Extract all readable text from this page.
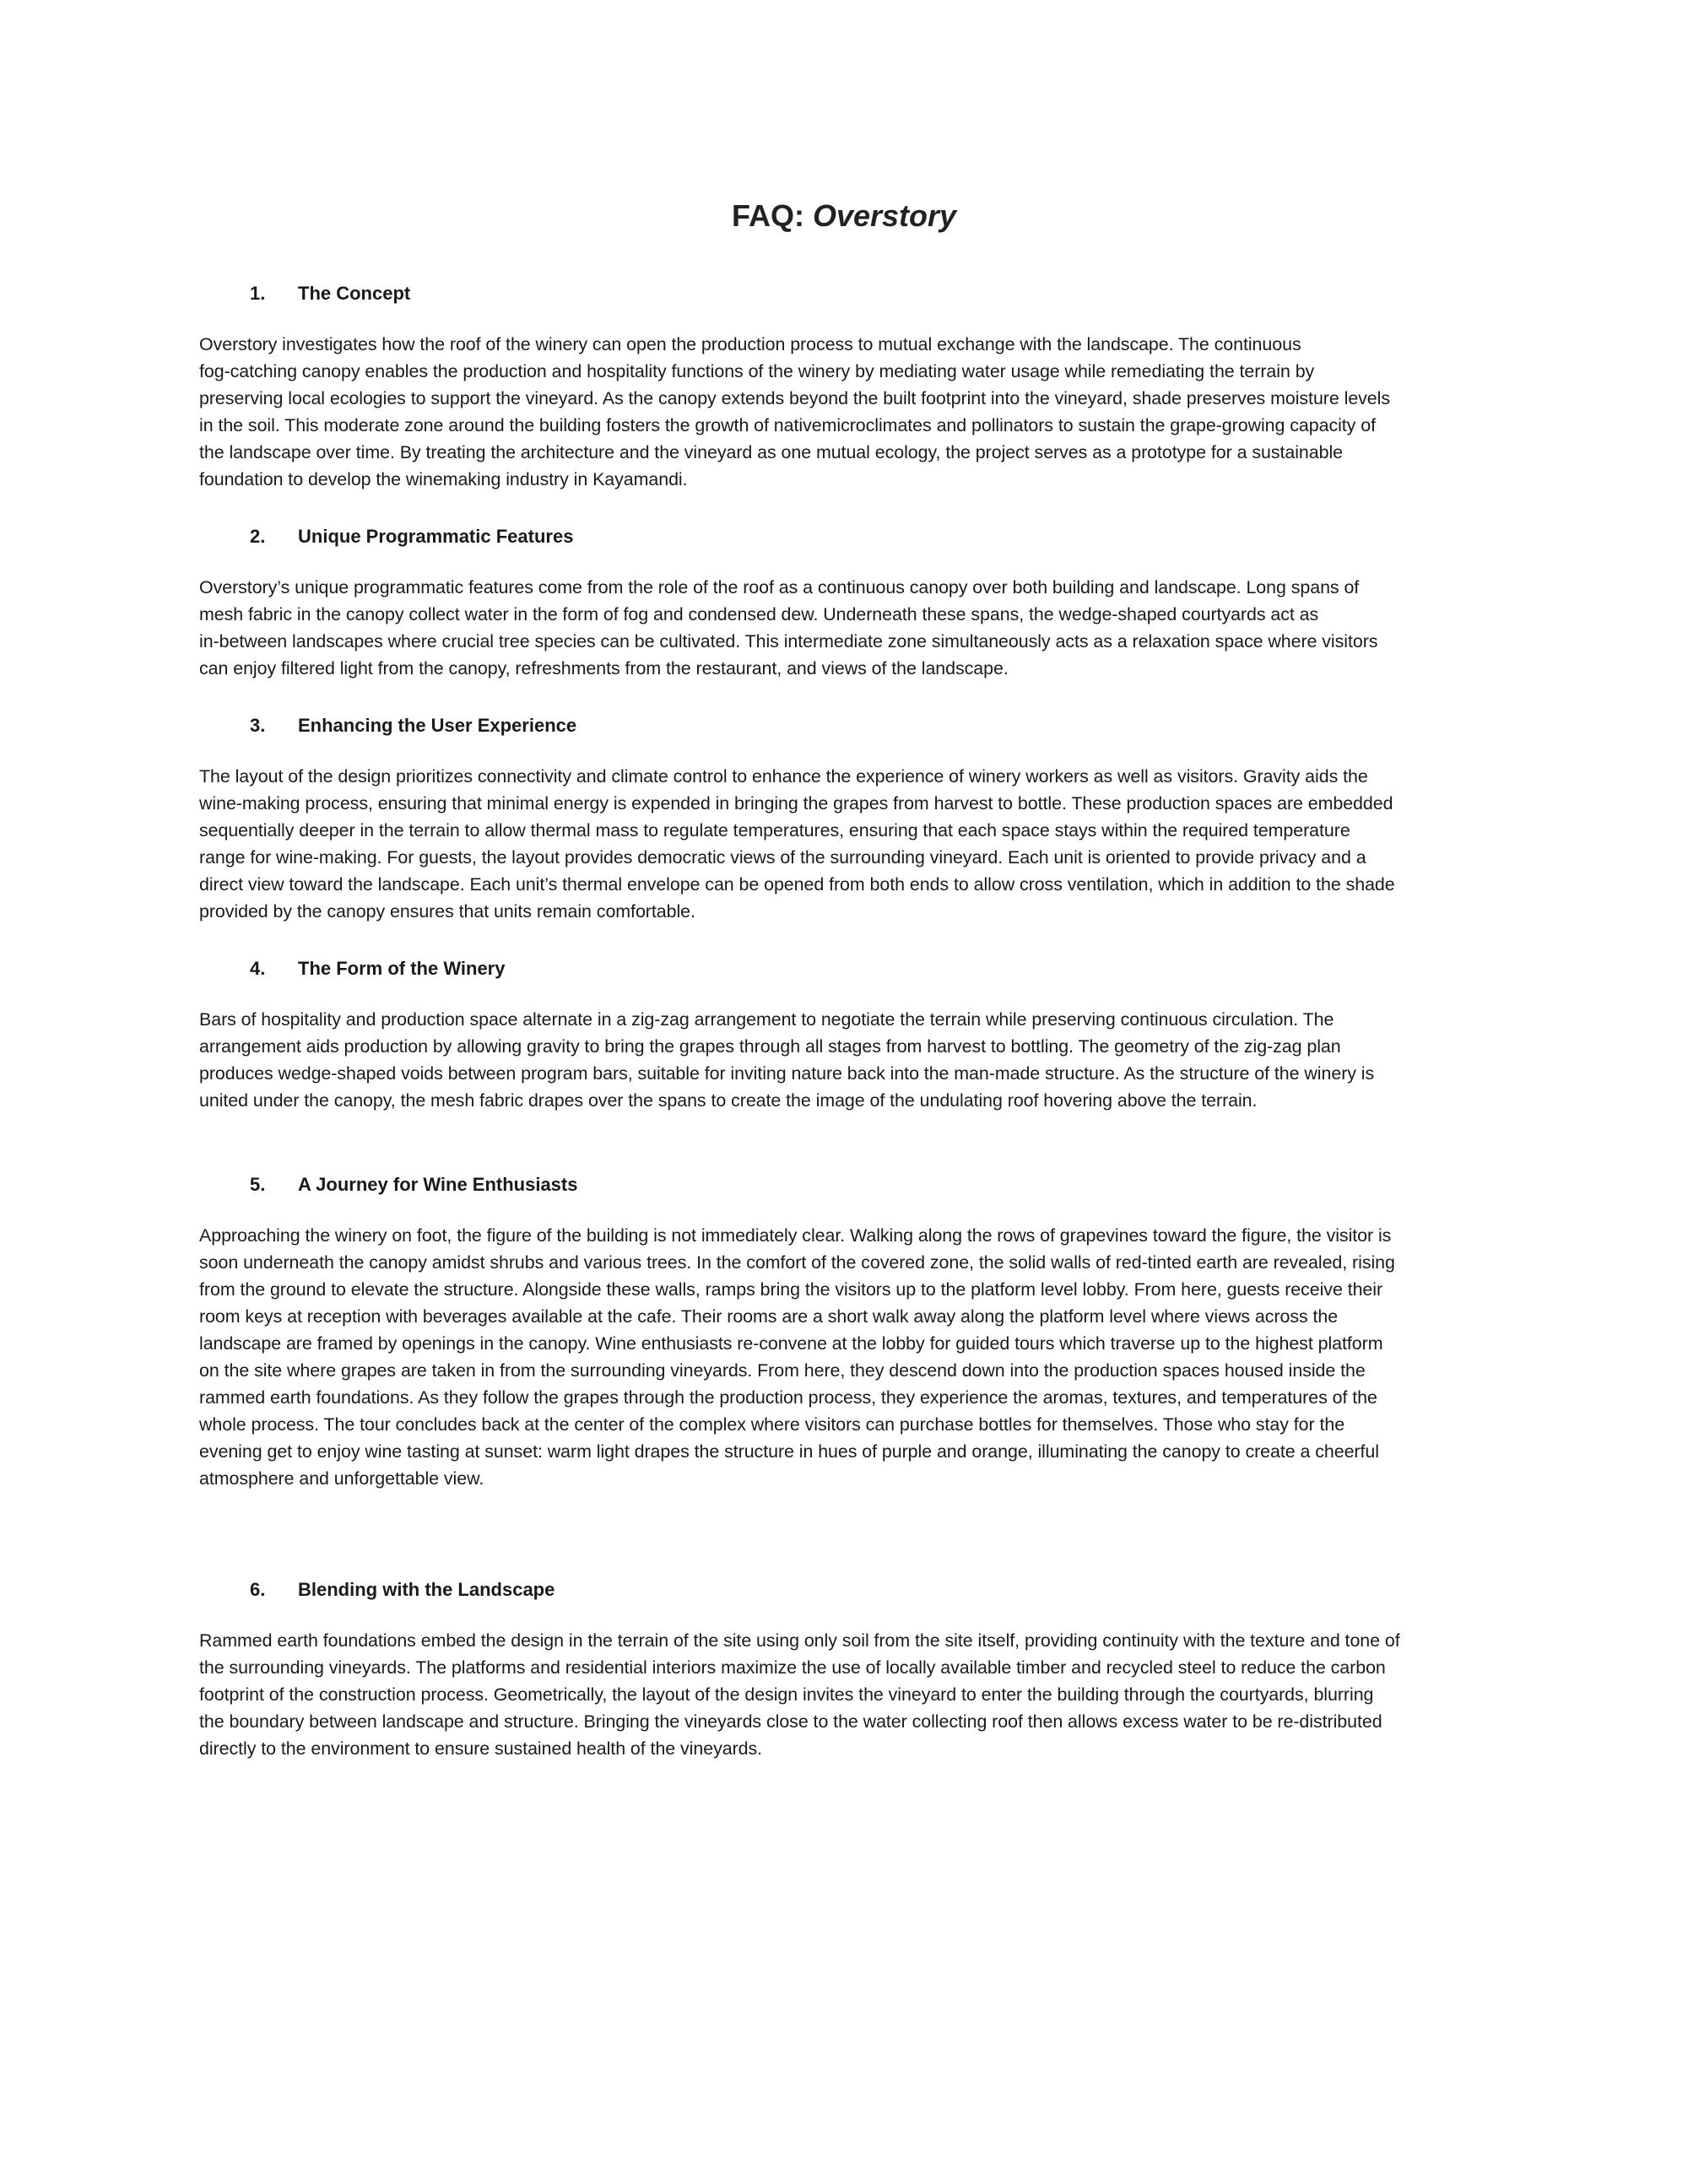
FAQ: Overstory
1. The Concept
Overstory investigates how the roof of the winery can open the production process to mutual exchange with the landscape. The continuous
fog-catching canopy enables the production and hospitality functions of the winery by mediating water usage while remediating the terrain by
preserving local ecologies to support the vineyard. As the canopy extends beyond the built footprint into the vineyard, shade preserves moisture levels
in the soil. This moderate zone around the building fosters the growth of nativemicroclimates and pollinators to sustain the grape-growing capacity of
the landscape over time. By treating the architecture and the vineyard as one mutual ecology, the project serves as a prototype for a sustainable
foundation to develop the winemaking industry in Kayamandi.
2. Unique Programmatic Features
Overstory’s unique programmatic features come from the role of the roof as a continuous canopy over both building and landscape. Long spans of
mesh fabric in the canopy collect water in the form of fog and condensed dew. Underneath these spans, the wedge-shaped courtyards act as
in-between landscapes where crucial tree species can be cultivated. This intermediate zone simultaneously acts as a relaxation space where visitors
can enjoy filtered light from the canopy, refreshments from the restaurant, and views of the landscape.
3. Enhancing the User Experience
The layout of the design prioritizes connectivity and climate control to enhance the experience of winery workers as well as visitors. Gravity aids the
wine-making process, ensuring that minimal energy is expended in bringing the grapes from harvest to bottle. These production spaces are embedded
sequentially deeper in the terrain to allow thermal mass to regulate temperatures, ensuring that each space stays within the required temperature
range for wine-making. For guests, the layout provides democratic views of the surrounding vineyard. Each unit is oriented to provide privacy and a
direct view toward the landscape. Each unit’s thermal envelope can be opened from both ends to allow cross ventilation, which in addition to the shade
provided by the canopy ensures that units remain comfortable.
4. The Form of the Winery
Bars of hospitality and production space alternate in a zig-zag arrangement to negotiate the terrain while preserving continuous circulation. The
arrangement aids production by allowing gravity to bring the grapes through all stages from harvest to bottling. The geometry of the zig-zag plan
produces wedge-shaped voids between program bars, suitable for inviting nature back into the man-made structure. As the structure of the winery is
united under the canopy, the mesh fabric drapes over the spans to create the image of the undulating roof hovering above the terrain.
5. A Journey for Wine Enthusiasts
Approaching the winery on foot, the figure of the building is not immediately clear. Walking along the rows of grapevines toward the figure, the visitor is
soon underneath the canopy amidst shrubs and various trees. In the comfort of the covered zone, the solid walls of red-tinted earth are revealed, rising
from the ground to elevate the structure. Alongside these walls, ramps bring the visitors up to the platform level lobby. From here, guests receive their
room keys at reception with beverages available at the cafe. Their rooms are a short walk away along the platform level where views across the
landscape are framed by openings in the canopy. Wine enthusiasts re-convene at the lobby for guided tours which traverse up to the highest platform
on the site where grapes are taken in from the surrounding vineyards. From here, they descend down into the production spaces housed inside the
rammed earth foundations. As they follow the grapes through the production process, they experience the aromas, textures, and temperatures of the
whole process. The tour concludes back at the center of the complex where visitors can purchase bottles for themselves. Those who stay for the
evening get to enjoy wine tasting at sunset: warm light drapes the structure in hues of purple and orange, illuminating the canopy to create a cheerful
atmosphere and unforgettable view.
6. Blending with the Landscape
Rammed earth foundations embed the design in the terrain of the site using only soil from the site itself, providing continuity with the texture and tone of
the surrounding vineyards. The platforms and residential interiors maximize the use of locally available timber and recycled steel to reduce the carbon
footprint of the construction process. Geometrically, the layout of the design invites the vineyard to enter the building through the courtyards, blurring
the boundary between landscape and structure. Bringing the vineyards close to the water collecting roof then allows excess water to be re-distributed
directly to the environment to ensure sustained health of the vineyards.
